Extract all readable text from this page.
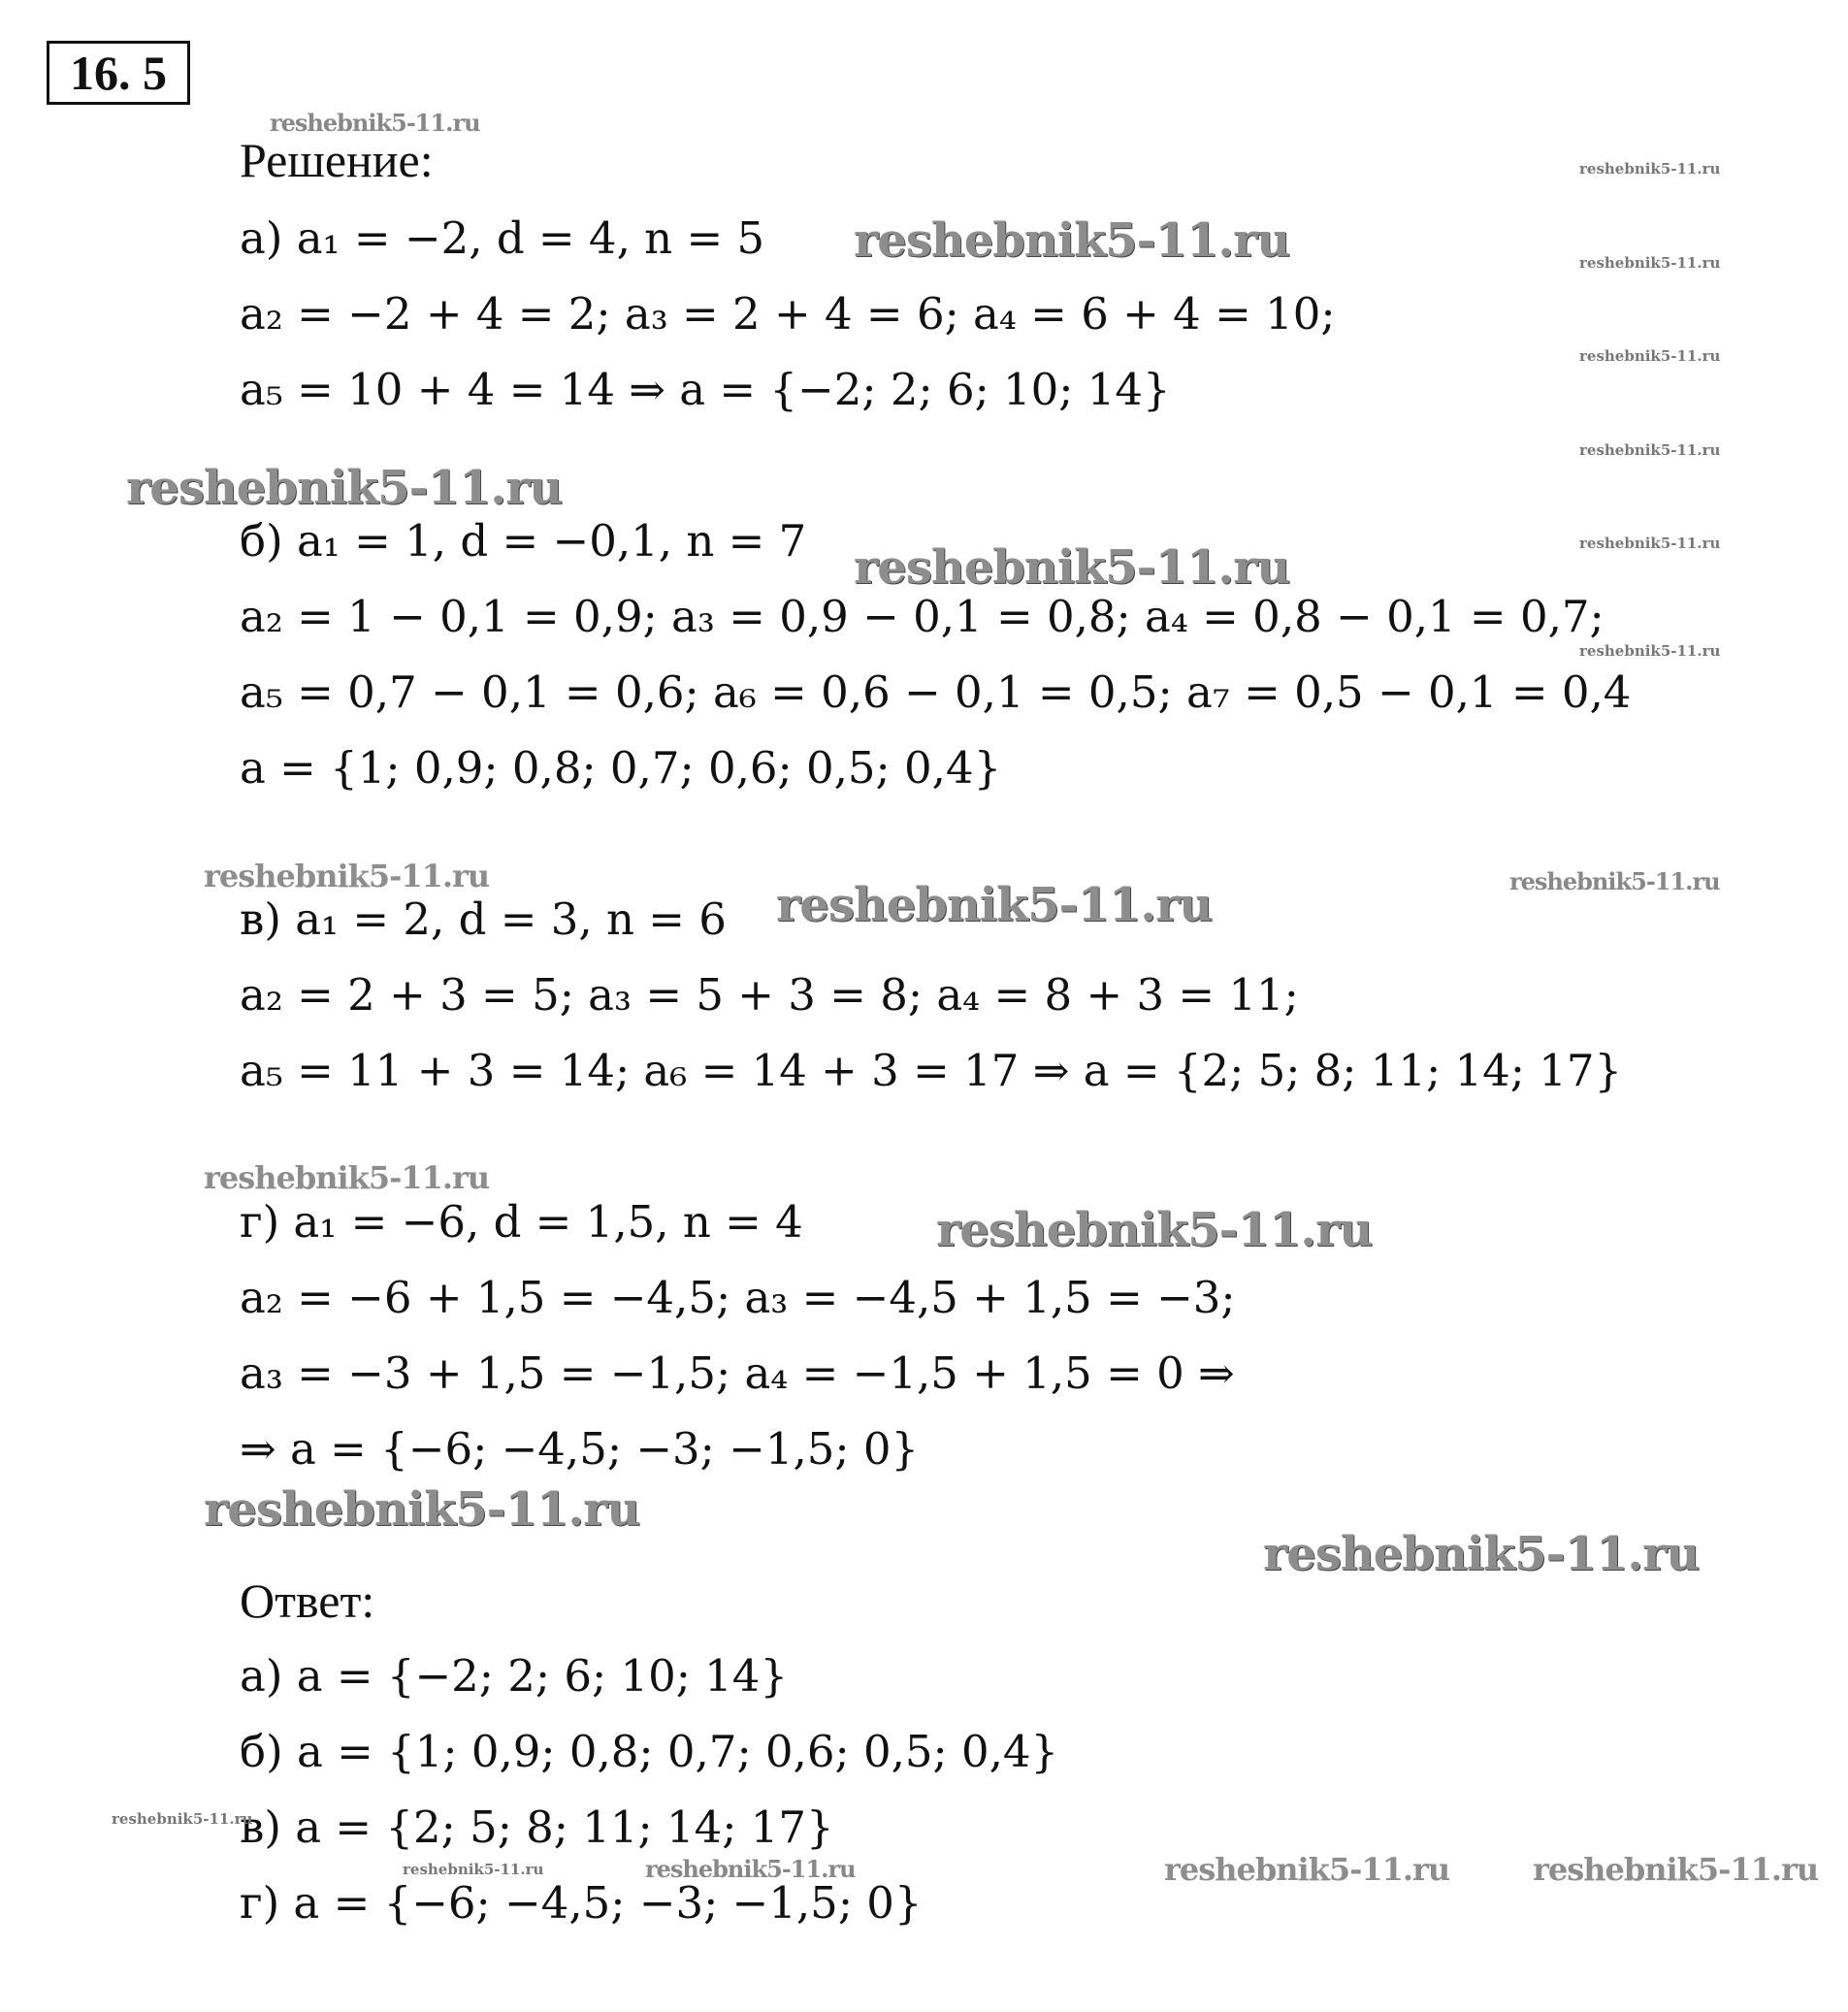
16. 5
Решение:
а) a₁ = −2, d = 4, n = 5
a₂ = −2 + 4 = 2; a₃ = 2 + 4 = 6; a₄ = 6 + 4 = 10;
a₅ = 10 + 4 = 14 ⇒ a = {−2; 2; 6; 10; 14}
б) a₁ = 1, d = −0,1, n = 7
a₂ = 1 − 0,1 = 0,9; a₃ = 0,9 − 0,1 = 0,8; a₄ = 0,8 − 0,1 = 0,7;
a₅ = 0,7 − 0,1 = 0,6; a₆ = 0,6 − 0,1 = 0,5; a₇ = 0,5 − 0,1 = 0,4
a = {1; 0,9; 0,8; 0,7; 0,6; 0,5; 0,4}
в) a₁ = 2, d = 3, n = 6
a₂ = 2 + 3 = 5; a₃ = 5 + 3 = 8; a₄ = 8 + 3 = 11;
a₅ = 11 + 3 = 14; a₆ = 14 + 3 = 17 ⇒ a = {2; 5; 8; 11; 14; 17}
г) a₁ = −6, d = 1,5, n = 4
a₂ = −6 + 1,5 = −4,5; a₃ = −4,5 + 1,5 = −3;
a₃ = −3 + 1,5 = −1,5; a₄ = −1,5 + 1,5 = 0 ⇒
⇒ a = {−6; −4,5; −3; −1,5; 0}
Ответ:
а) a = {−2; 2; 6; 10; 14}
б) a = {1; 0,9; 0,8; 0,7; 0,6; 0,5; 0,4}
в) a = {2; 5; 8; 11; 14; 17}
г) a = {−6; −4,5; −3; −1,5; 0}
reshebnik5-11.ru
reshebnik5-11.ru
reshebnik5-11.ru	reshebnik5-11.ru
reshebnik5-11.ru
reshebnik5-11.ru
reshebnik5-11.ru
reshebnik5-11.ru
reshebnik5-11.ru
reshebnik5-11.ru
reshebnik5-11.ru	reshebnik5-11.ru
reshebnik5-11.ru
reshebnik5-11.ru
reshebnik5-11.ru
reshebnik5-11.ru
reshebnik5-11.ru
reshebnik5-11.ru
reshebnik5-11.ru	reshebnik5-11.ru	reshebnik5-11.ru	reshebnik5-11.ru
